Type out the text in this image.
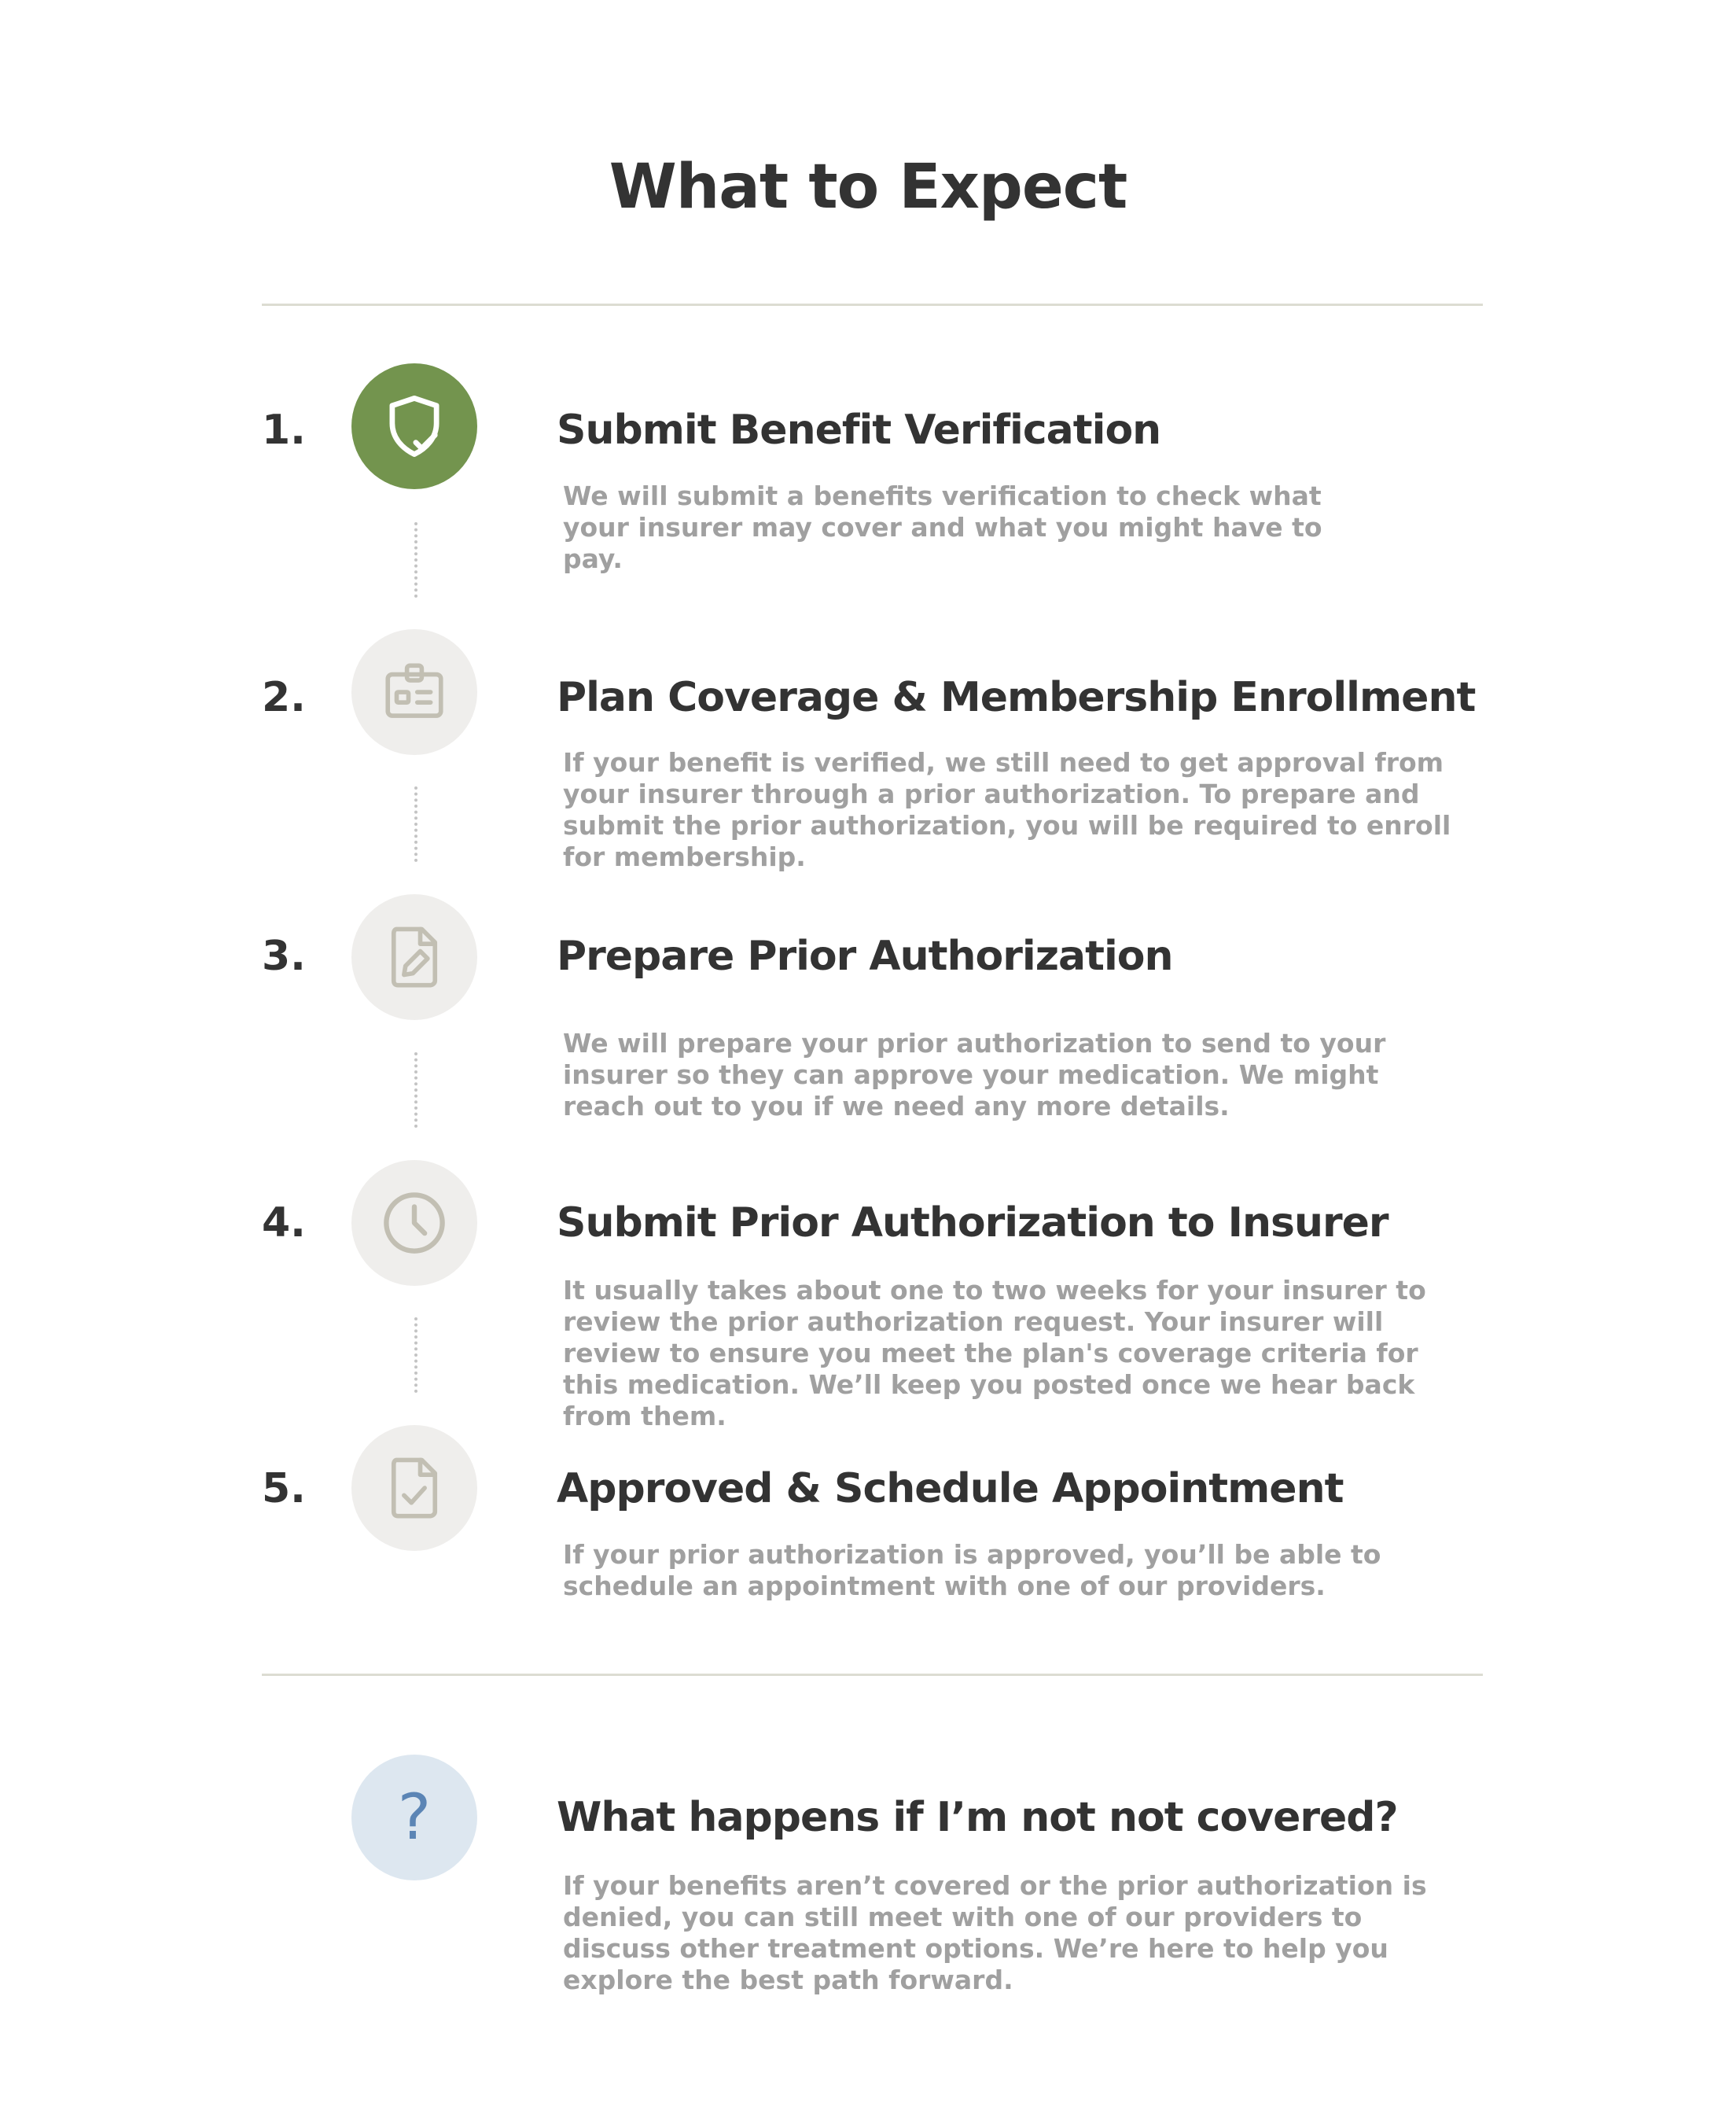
What to Expect
1.	Submit Benefit Verification

We will submit a benefits verification to check what your insurer may cover and what you might have to pay.

2.	Plan Coverage & Membership Enrollment

If your benefit is verified, we still need to get approval from your insurer through a prior authorization. To prepare and submit the prior authorization, you will be required to enroll for membership.

3.	Prepare Prior Authorization

We will prepare your prior authorization to send to your insurer so they can approve your medication. We might reach out to you if we need any more details.

4.	Submit Prior Authorization to Insurer

It usually takes about one to two weeks for your insurer to review the prior authorization request. Your insurer will review to ensure you meet the plan's coverage criteria for this medication. We’ll keep you posted once we hear back from them.

5.	Approved & Schedule Appointment

If your prior authorization is approved, you’ll be able to schedule an appointment with one of our providers.

?	What happens if I’m not not covered?

If your benefits aren’t covered or the prior authorization is denied, you can still meet with one of our providers to discuss other treatment options. We’re here to help you explore the best path forward.
